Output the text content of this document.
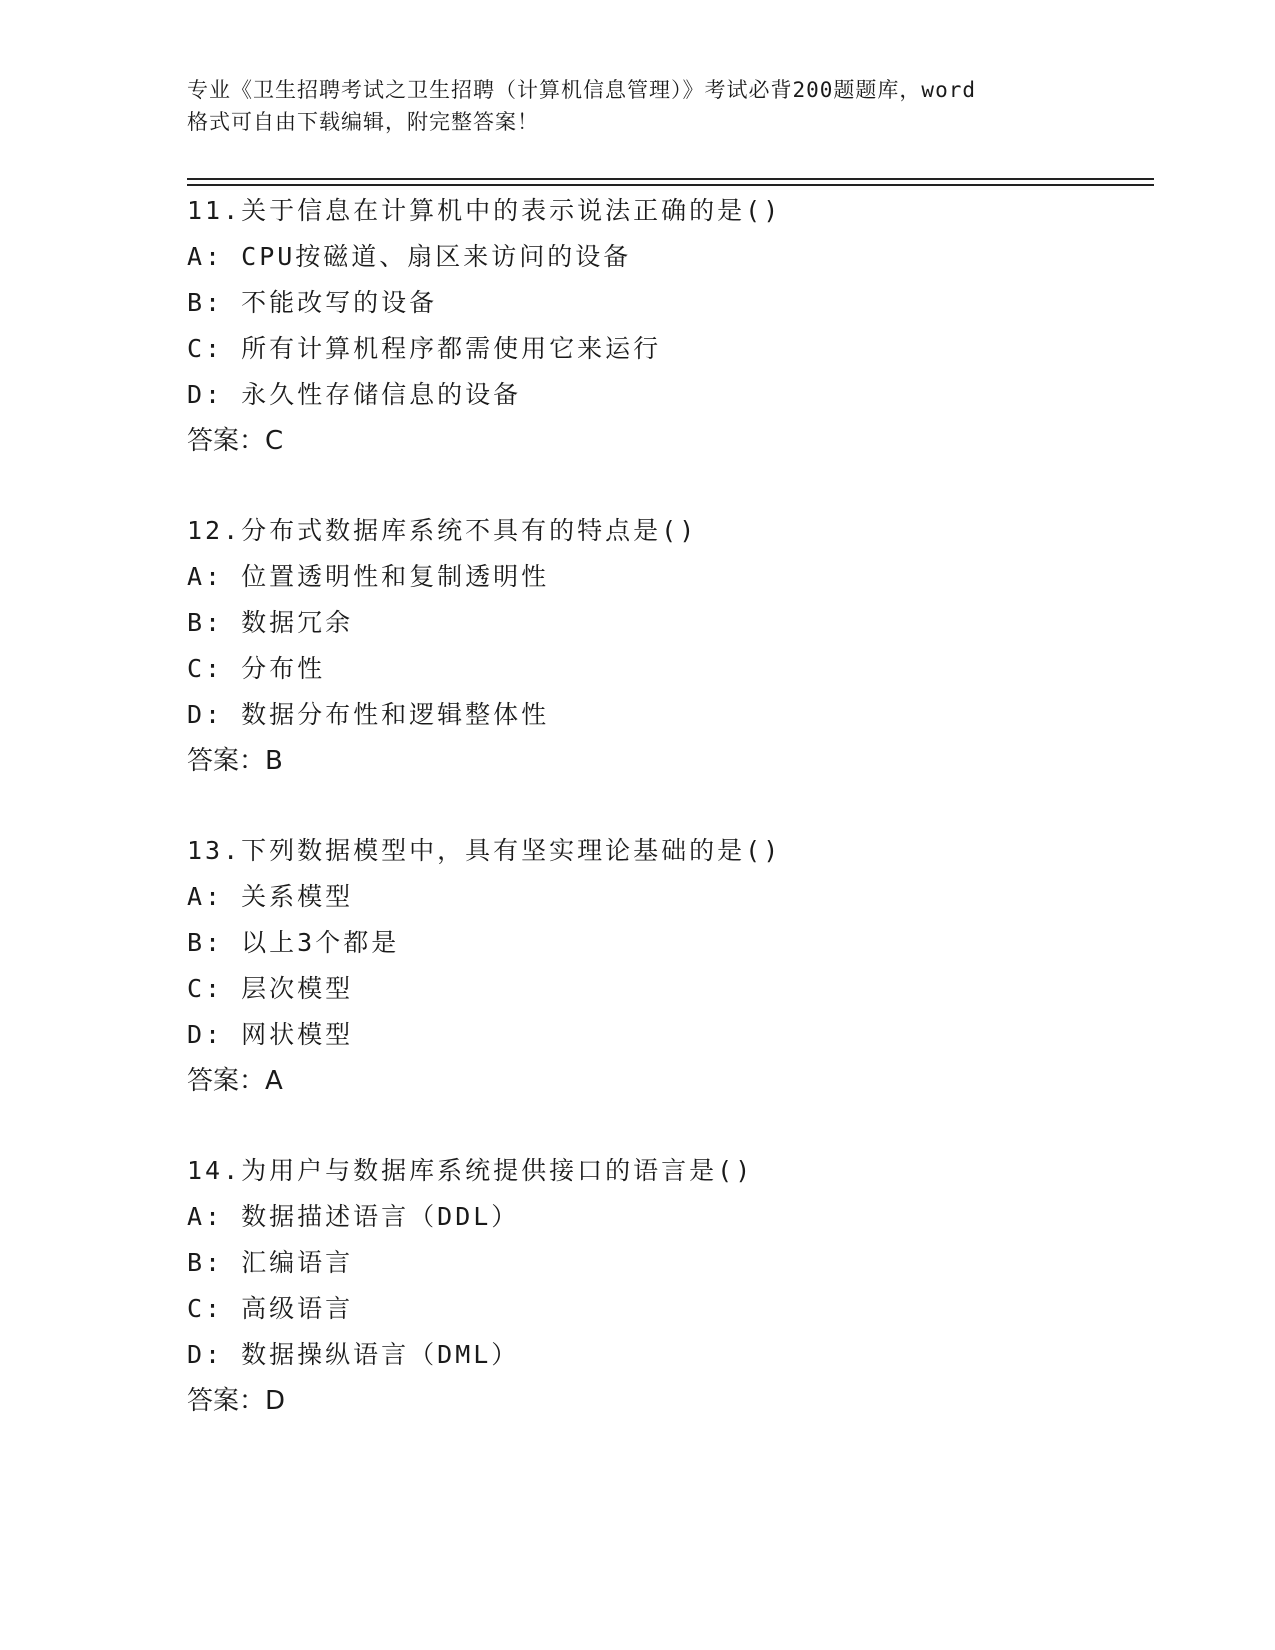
专业《卫生招聘考试之卫生招聘（计算机信息管理）》考试必背200题题库，word
格式可自由下载编辑，附完整答案！
11.关于信息在计算机中的表示说法正确的是()
A: CPU按磁道、扇区来访问的设备
B: 不能改写的设备
C: 所有计算机程序都需使用它来运行
D: 永久性存储信息的设备
答案：C
12.分布式数据库系统不具有的特点是()
A: 位置透明性和复制透明性
B: 数据冗余
C: 分布性
D: 数据分布性和逻辑整体性
答案：B
13.下列数据模型中，具有坚实理论基础的是()
A: 关系模型
B: 以上3个都是
C: 层次模型
D: 网状模型
答案：A
14.为用户与数据库系统提供接口的语言是()
A: 数据描述语言（DDL）
B: 汇编语言
C: 高级语言
D: 数据操纵语言（DML）
答案：D
